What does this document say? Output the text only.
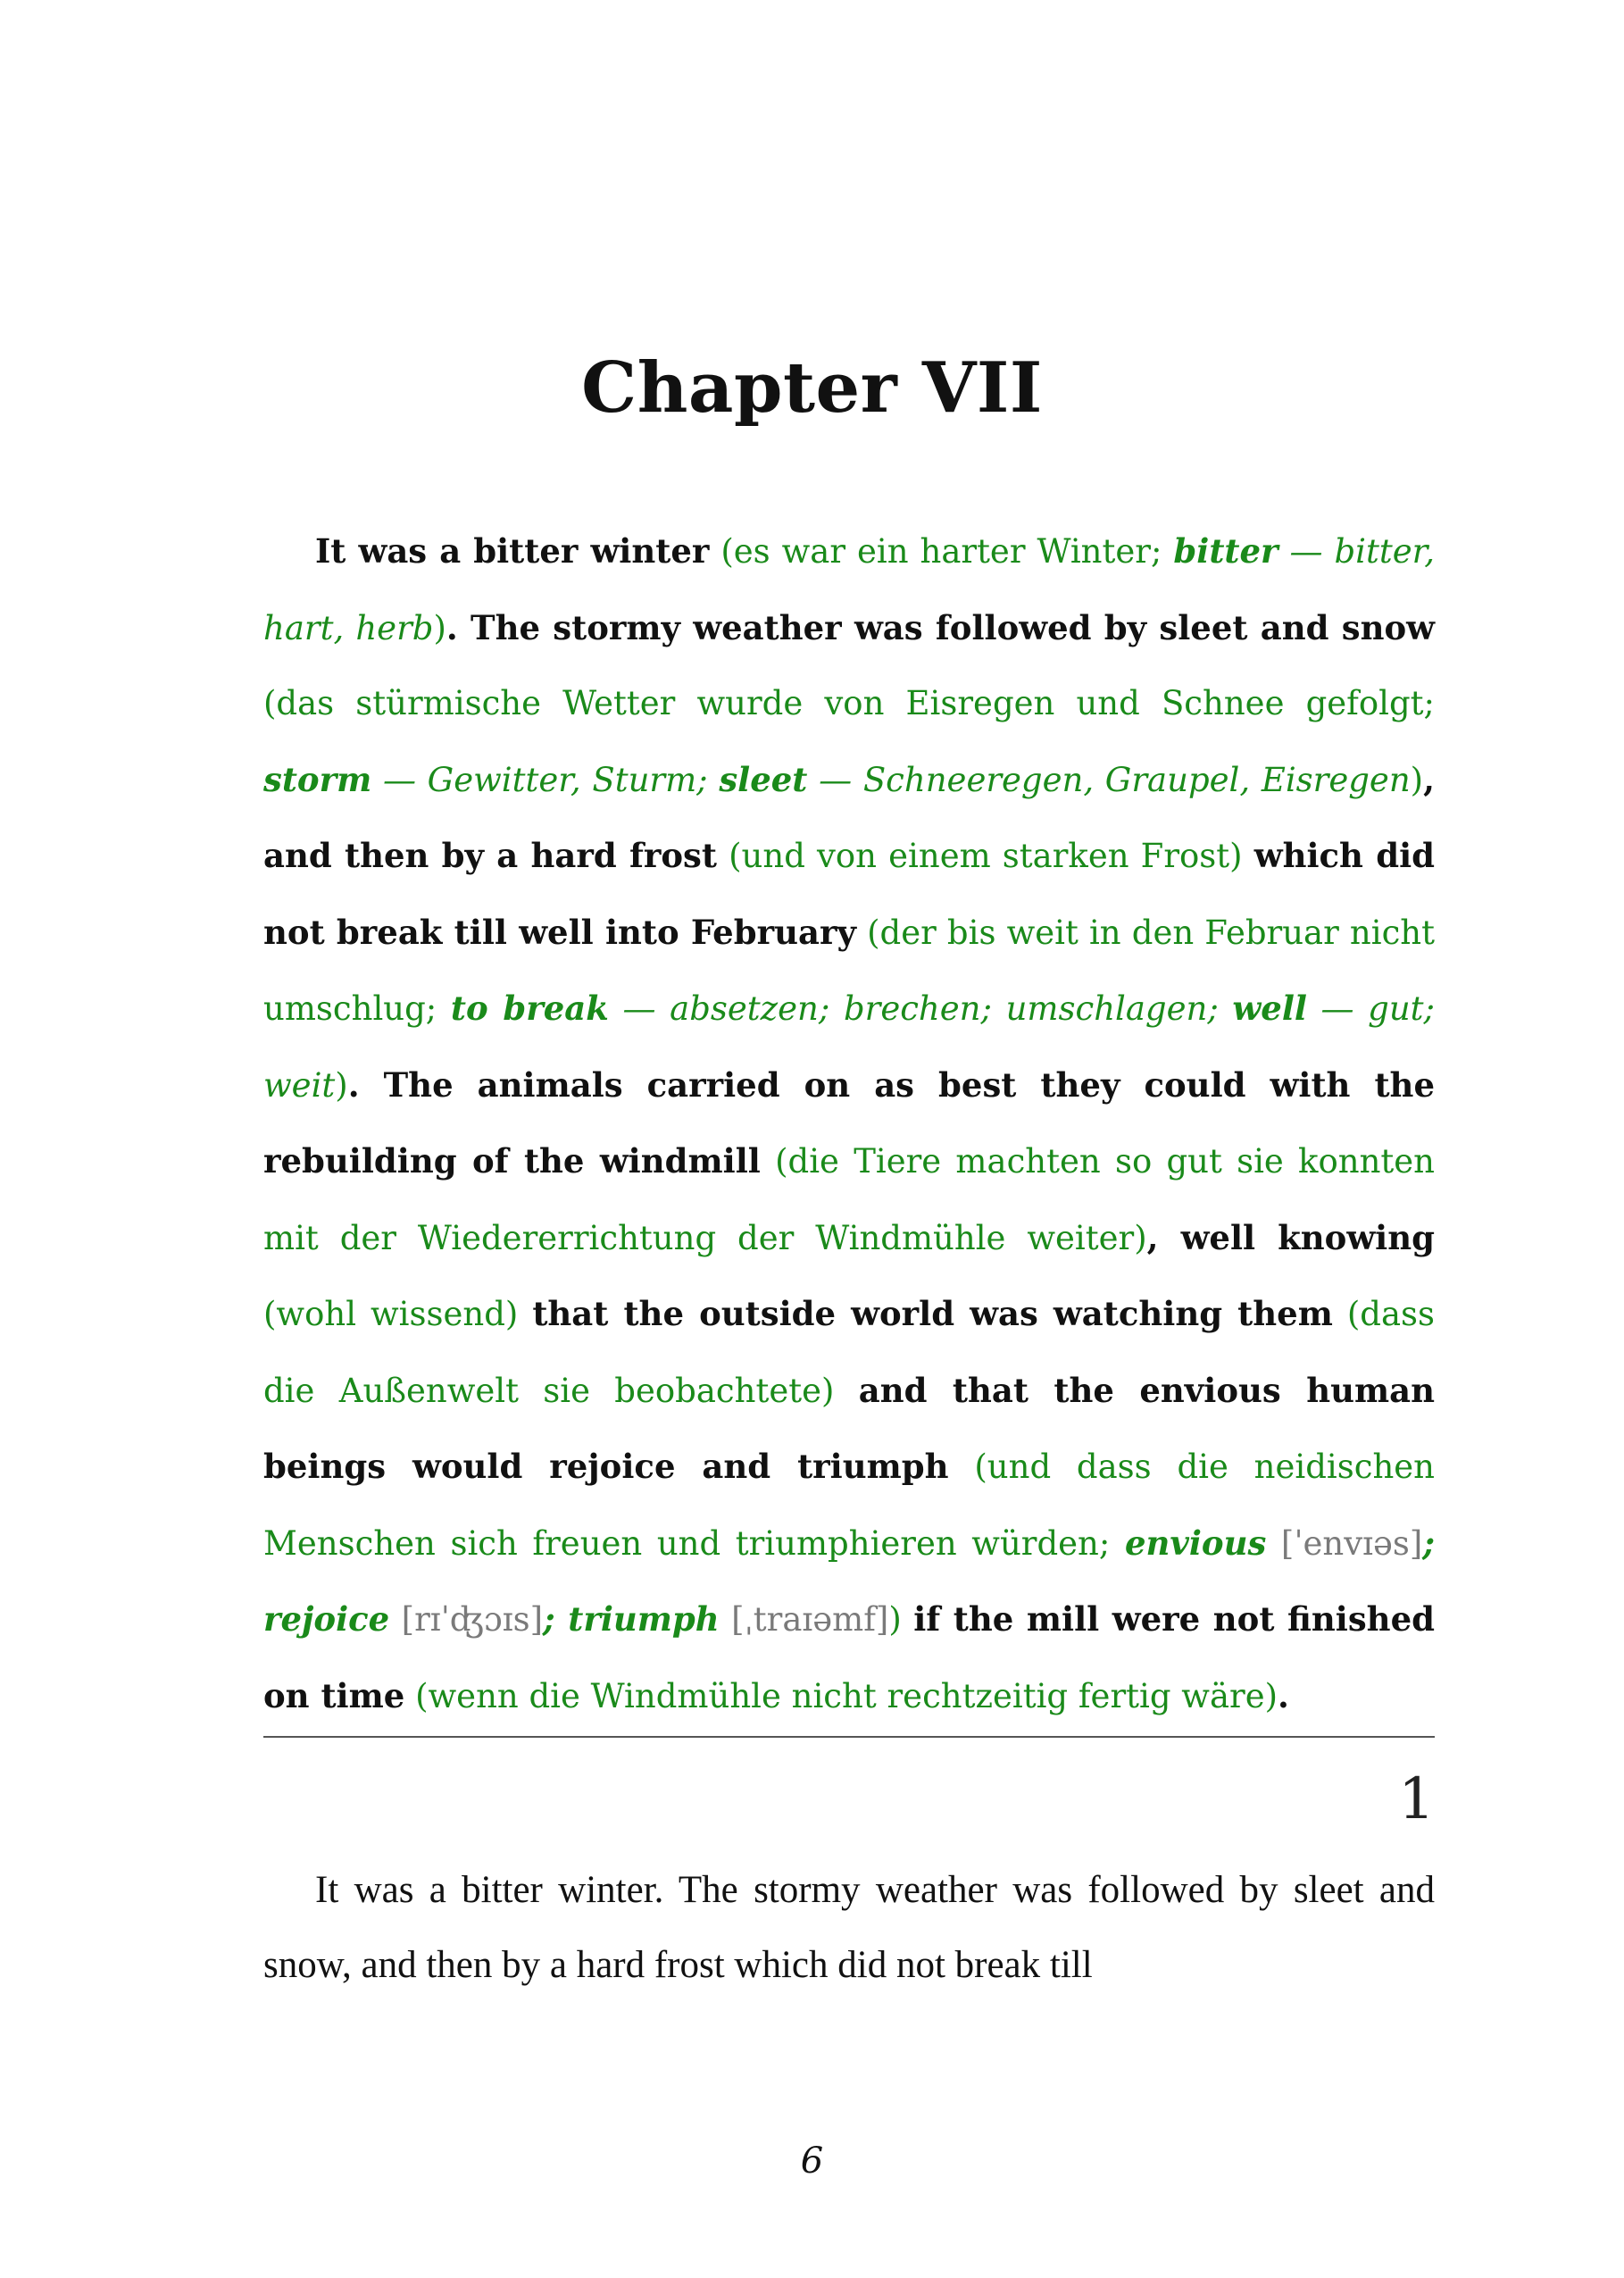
Chapter VII

It was a bitter winter (es war ein harter Winter; bitter — bitter, hart, herb). The stormy weather was followed by sleet and snow (das stürmische Wetter wurde von Eisregen und Schnee gefolgt; storm — Gewitter, Sturm; sleet — Schneeregen, Graupel, Eisregen), and then by a hard frost (und von einem starken Frost) which did not break till well into February (der bis weit in den Februar nicht umschlug; to break — absetzen; brechen; umschlagen; well — gut; weit). The animals carried on as best they could with the rebuilding of the windmill (die Tiere machten so gut sie konnten mit der Wiedererrichtung der Windmühle weiter), well knowing (wohl wissend) that the outside world was watching them (dass die Außenwelt sie beobachtete) and that the envious human beings would rejoice and triumph (und dass die neidischen Menschen sich freuen und triumphieren würden; envious [ˈenvɪəs]; rejoice [rɪˈʤɔɪs]; triumph [ˌtraɪəmf]) if the mill were not finished on time (wenn die Windmühle nicht rechtzeitig fertig wäre).

1

It was a bitter winter. The stormy weather was followed by sleet and snow, and then by a hard frost which did not break till

6
